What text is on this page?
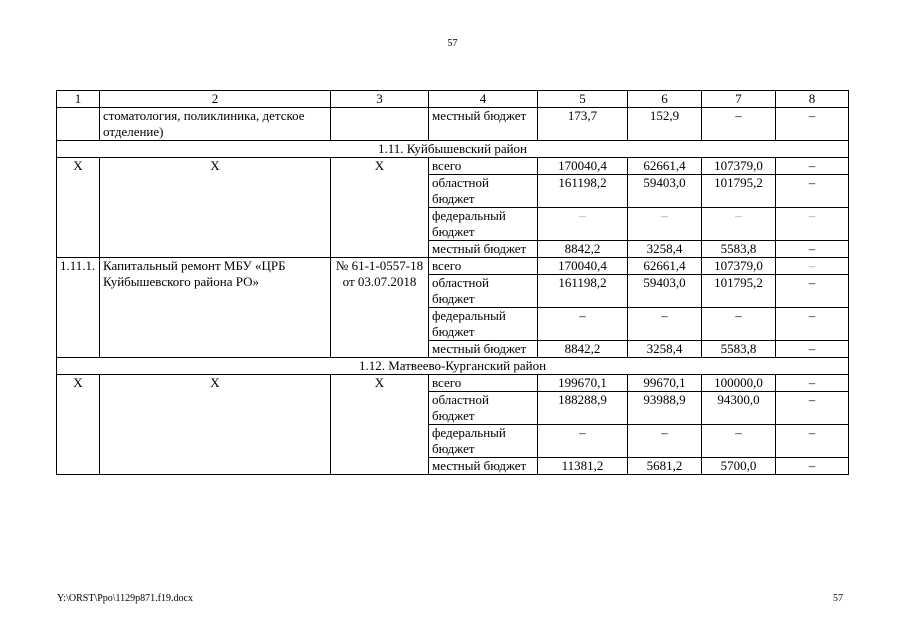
57
1	2	3	4	5	6	7	8
	стоматология, поликлиника, детское отделение)		местный бюджет	173,7	152,9	–	–
1.11. Куйбышевский район							
Х	Х	Х	всего	170040,4	62661,4	107379,0	–
			областной бюджет	161198,2	59403,0	101795,2	–
			федеральный бюджет	–	–	–	–
			местный бюджет	8842,2	3258,4	5583,8	–
1.11.1.	Капитальный ремонт МБУ «ЦРБ Куйбышевского района РО»	№ 61-1-0557-18 от 03.07.2018	всего	170040,4	62661,4	107379,0	–
			областной бюджет	161198,2	59403,0	101795,2	–
			федеральный бюджет	–	–	–	–
			местный бюджет	8842,2	3258,4	5583,8	–
1.12. Матвеево-Курганский район							
Х	Х	Х	всего	199670,1	99670,1	100000,0	–
			областной бюджет	188288,9	93988,9	94300,0	–
			федеральный бюджет	–	–	–	–
			местный бюджет	11381,2	5681,2	5700,0	–
Y:\ORST\Ppo\1129p871.f19.docx	57
